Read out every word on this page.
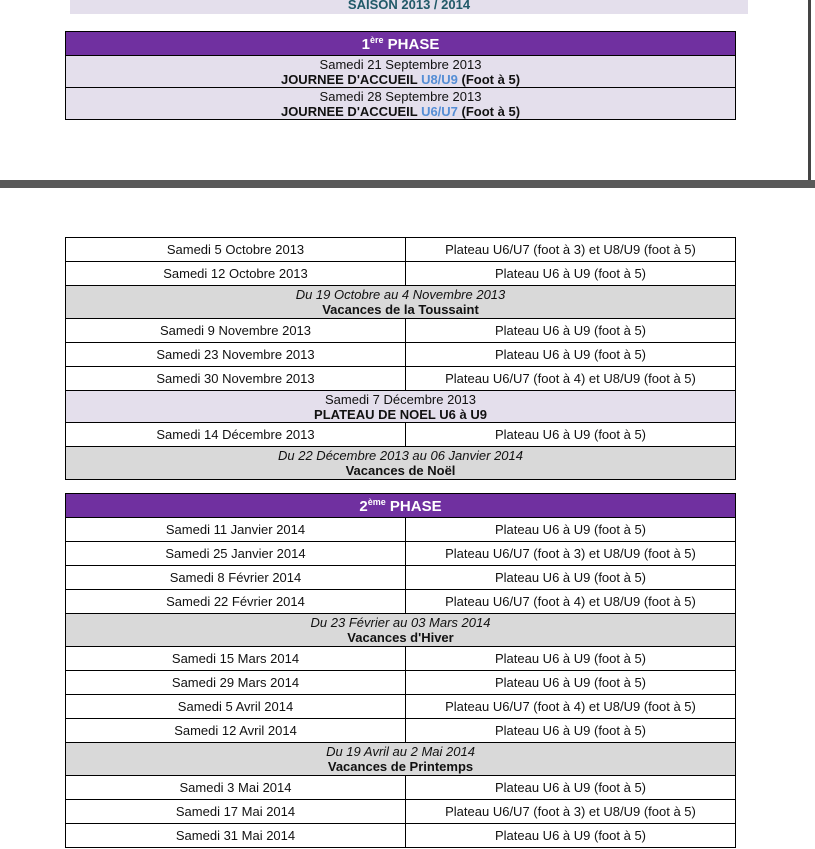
SAISON 2013 / 2014
1ère PHASE

Samedi 21 Septembre 2013
JOURNEE D'ACCUEIL U8/U9 (Foot à 5)

Samedi 28 Septembre 2013
JOURNEE D'ACCUEIL U6/U7 (Foot à 5)
Samedi 5 Octobre 2013	Plateau U6/U7 (foot à 3) et U8/U9 (foot à 5)
Samedi 12 Octobre 2013	Plateau U6 à U9 (foot à 5)

Du 19 Octobre au 4 Novembre 2013
Vacances de la Toussaint	

Samedi 9 Novembre 2013	Plateau U6 à U9 (foot à 5)
Samedi 23 Novembre 2013	Plateau U6 à U9 (foot à 5)
Samedi 30 Novembre 2013	Plateau U6/U7 (foot à 4) et U8/U9 (foot à 5)

Samedi 7 Décembre 2013
PLATEAU DE NOEL U6 à U9	
Samedi 14 Décembre 2013	Plateau U6 à U9 (foot à 5)

Du 22 Décembre 2013 au 06 Janvier 2014
Vacances de Noël	
2ème PHASE	
Samedi 11 Janvier 2014	Plateau U6 à U9 (foot à 5)
Samedi 25 Janvier 2014	Plateau U6/U7 (foot à 3) et U8/U9 (foot à 5)
Samedi 8 Février 2014	Plateau U6 à U9 (foot à 5)
Samedi 22 Février 2014	Plateau U6/U7 (foot à 4) et U8/U9 (foot à 5)

Du 23 Février au 03 Mars 2014
Vacances d'Hiver	

Samedi 15 Mars 2014	Plateau U6 à U9 (foot à 5)
Samedi 29 Mars 2014	Plateau U6 à U9 (foot à 5)
Samedi 5 Avril 2014	Plateau U6/U7 (foot à 4) et U8/U9 (foot à 5)
Samedi 12 Avril 2014	Plateau U6 à U9 (foot à 5)

Du 19 Avril au 2 Mai 2014
Vacances de Printemps	

Samedi 3 Mai 2014	Plateau U6 à U9 (foot à 5)
Samedi 17 Mai 2014	Plateau U6/U7 (foot à 3) et U8/U9 (foot à 5)
Samedi 31 Mai 2014	Plateau U6 à U9 (foot à 5)
